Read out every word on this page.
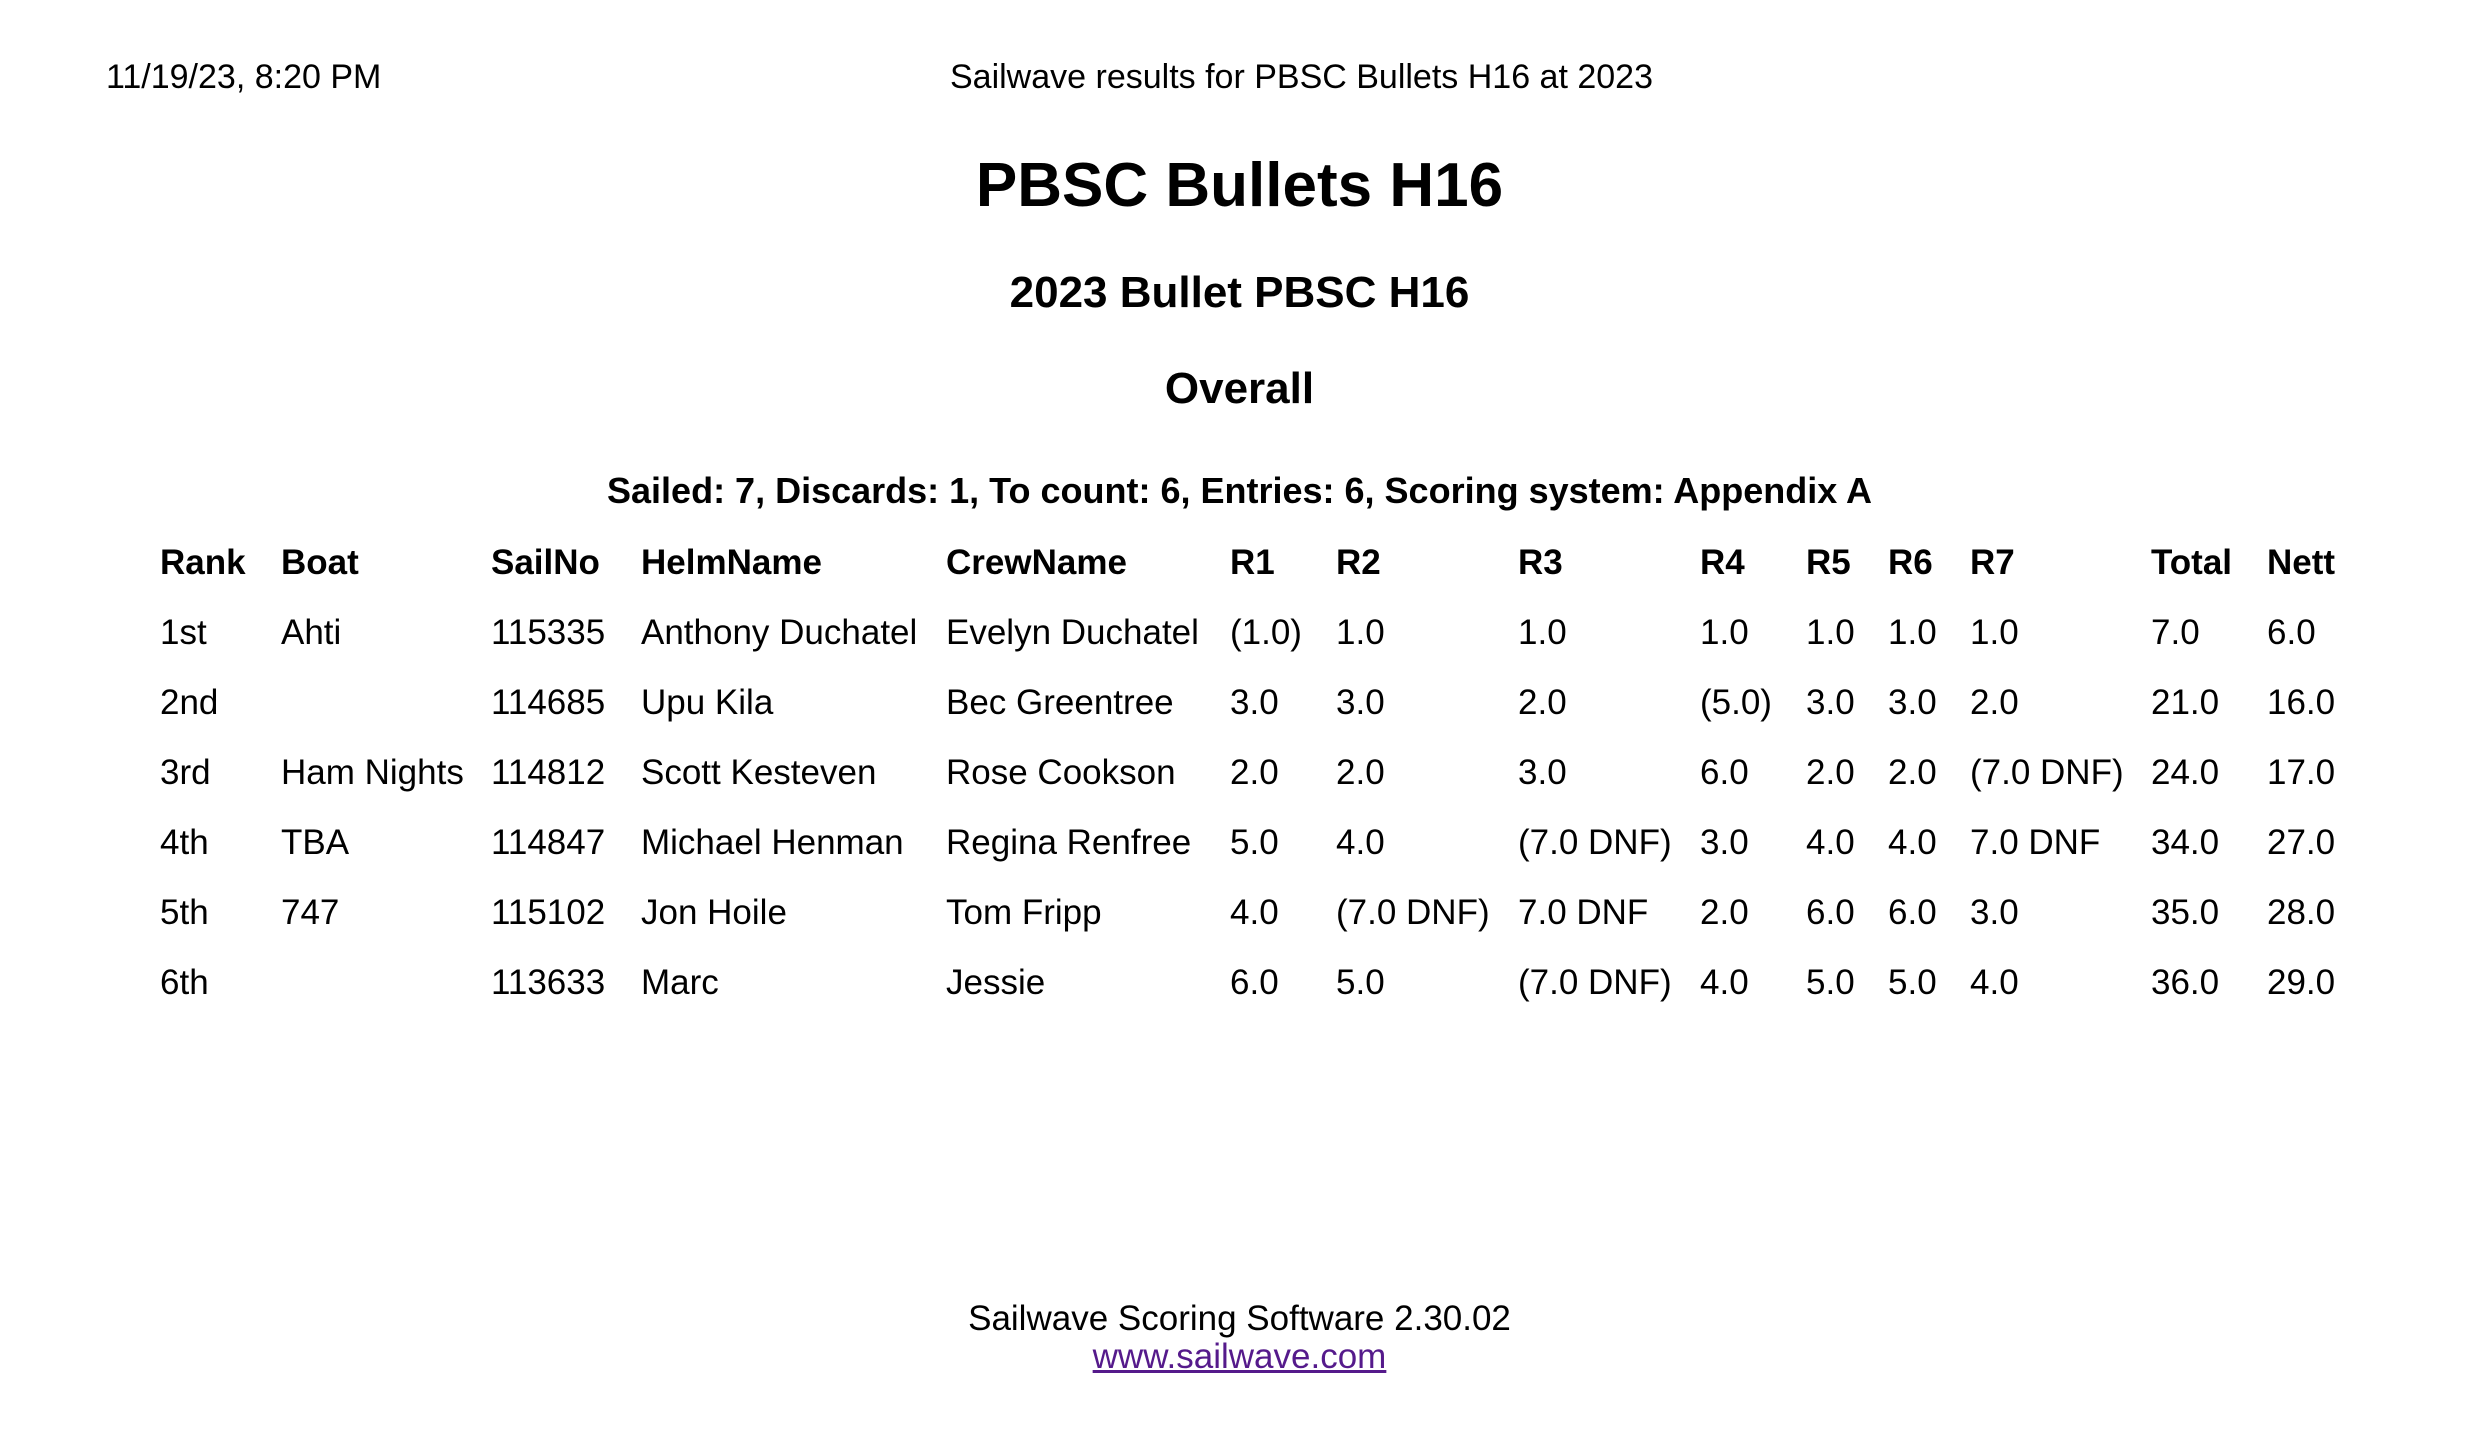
11/19/23, 8:20 PM	Sailwave results for PBSC Bullets H16 at 2023
PBSC Bullets H16
2023 Bullet PBSC H16
Overall
Sailed: 7, Discards: 1, To count: 6, Entries: 6, Scoring system: Appendix A
Rank	Boat	SailNo	HelmName	CrewName	R1	R2	R3	R4	R5	R6	R7	Total	Nett
1st	Ahti	115335	Anthony Duchatel	Evelyn Duchatel	(1.0)	1.0	1.0	1.0	1.0	1.0	1.0	7.0	6.0
2nd		114685	Upu Kila	Bec Greentree	3.0	3.0	2.0	(5.0)	3.0	3.0	2.0	21.0	16.0
3rd	Ham Nights	114812	Scott Kesteven	Rose Cookson	2.0	2.0	3.0	6.0	2.0	2.0	(7.0 DNF)	24.0	17.0
4th	TBA	114847	Michael Henman	Regina Renfree	5.0	4.0	(7.0 DNF)	3.0	4.0	4.0	7.0 DNF	34.0	27.0
5th	747	115102	Jon Hoile	Tom Fripp	4.0	(7.0 DNF)	7.0 DNF	2.0	6.0	6.0	3.0	35.0	28.0
6th		113633	Marc	Jessie	6.0	5.0	(7.0 DNF)	4.0	5.0	5.0	4.0	36.0	29.0
Sailwave Scoring Software 2.30.02
www.sailwave.com
